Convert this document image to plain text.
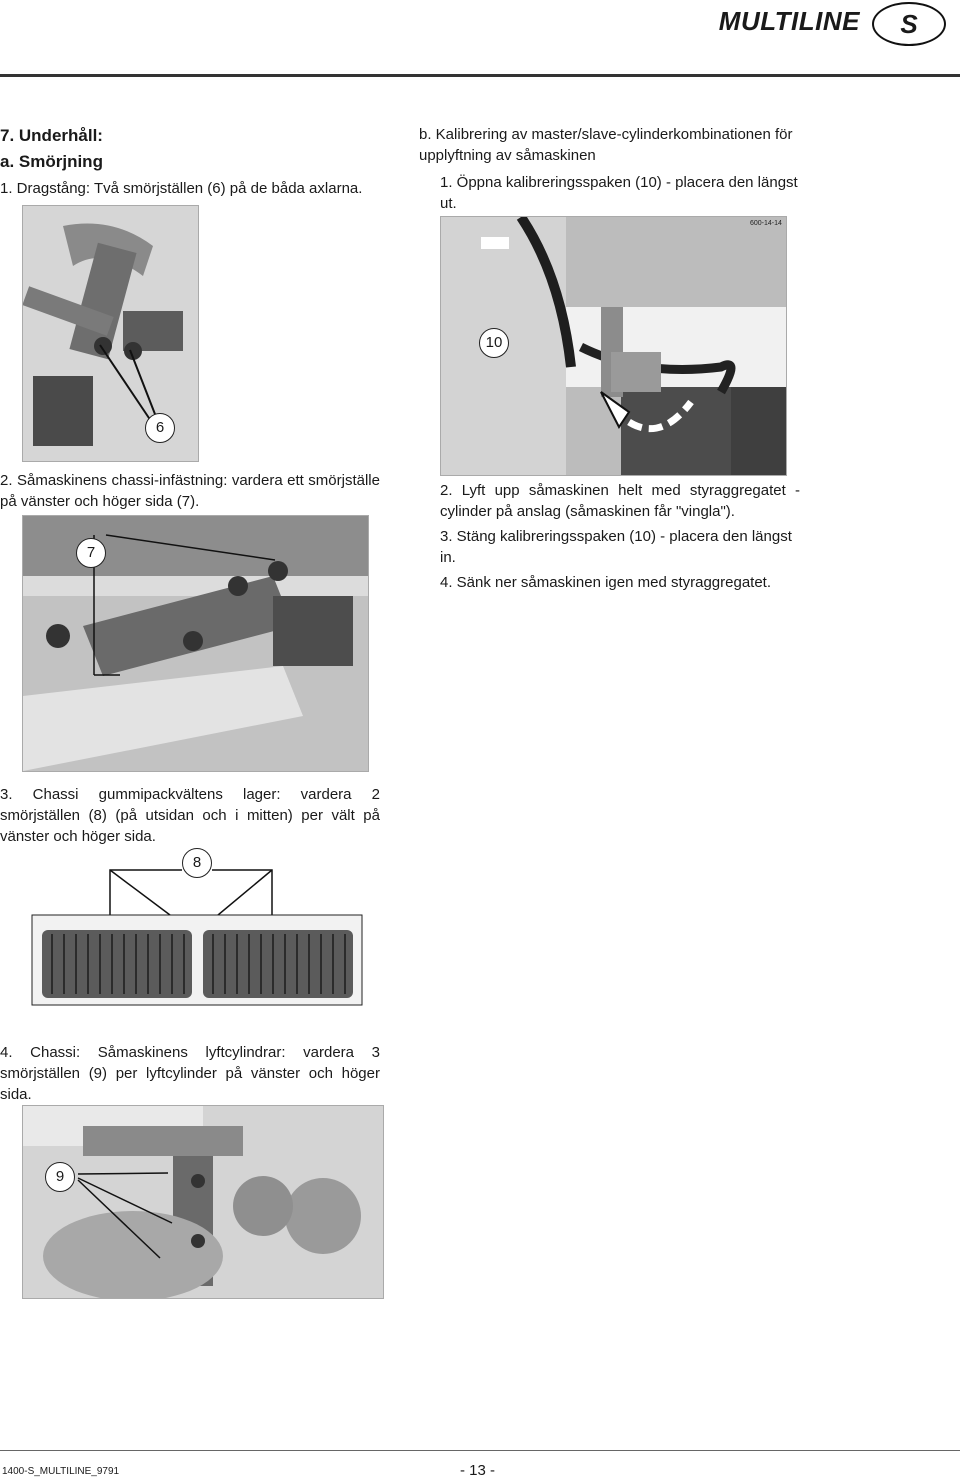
MULTILINE	S
7. Underhåll:
a. Smörjning
1. Dragstång: Två smörjställen (6) på de båda axlarna.
6
2. Såmaskinens chassi-infästning: vardera ett smörjställe på vänster och höger sida (7).
7
3. Chassi gummipackvältens lager: vardera 2 smörjställen (8) (på utsidan och i mitten) per vält på vänster och höger sida.
8
4. Chassi: Såmaskinens lyftcylindrar: vardera 3 smörjställen (9) per lyftcylinder på vänster och höger sida.
9
b. Kalibrering av master/slave-cylinderkombinationen för upplyftning av såmaskinen
1. Öppna kalibreringsspaken (10) - placera den längst ut.
600-14-14
10
2. Lyft upp såmaskinen helt med styraggregatet - cylinder på anslag (såmaskinen får "vingla").
3. Stäng kalibreringsspaken (10) - placera den längst in.
4. Sänk ner såmaskinen igen med styraggregatet.
1400-S_MULTILINE_9791	- 13 -
